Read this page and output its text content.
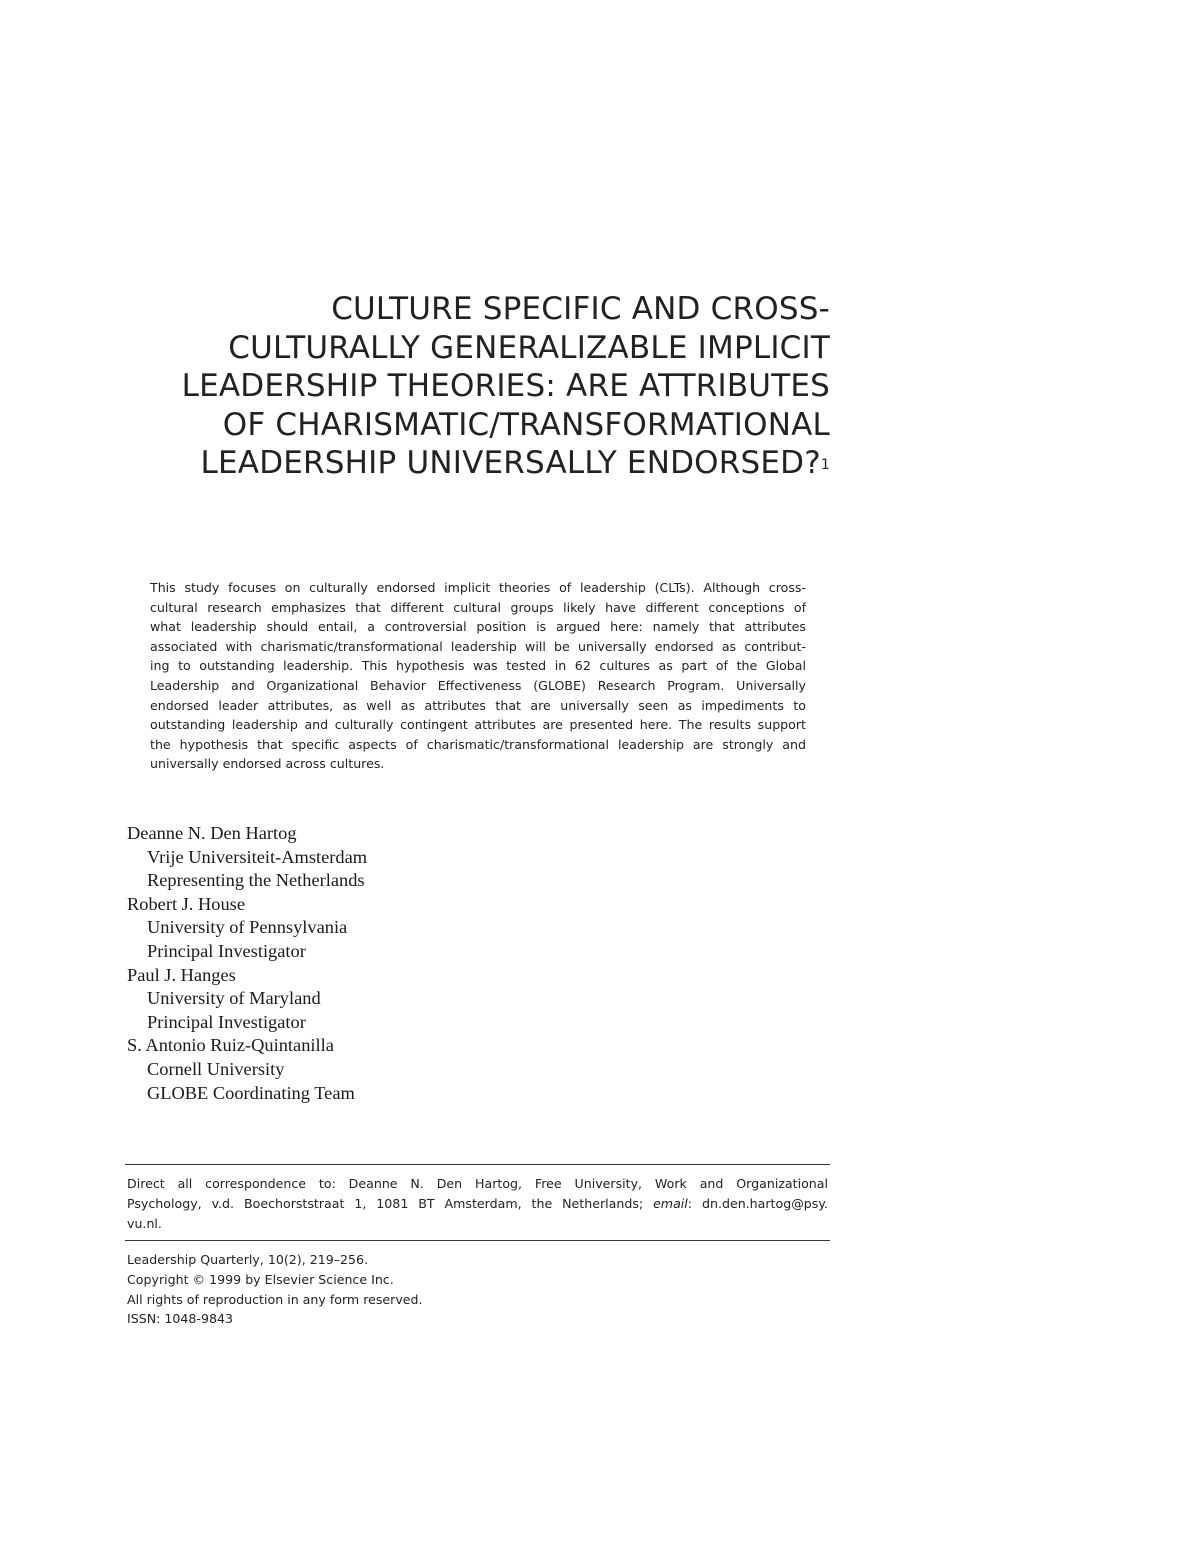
CULTURE SPECIFIC AND CROSS-
CULTURALLY GENERALIZABLE IMPLICIT
LEADERSHIP THEORIES: ARE ATTRIBUTES
OF CHARISMATIC/TRANSFORMATIONAL
LEADERSHIP UNIVERSALLY ENDORSED?$^1$
This study focuses on culturally endorsed implicit theories of leadership (CLTs). Although cross-
cultural research emphasizes that different cultural groups likely have different conceptions of
what leadership should entail, a controversial position is argued here: namely that attributes
associated with charismatic/transformational leadership will be universally endorsed as contribut-
ing to outstanding leadership. This hypothesis was tested in 62 cultures as part of the Global
Leadership and Organizational Behavior Effectiveness (GLOBE) Research Program. Universally
endorsed leader attributes, as well as attributes that are universally seen as impediments to
outstanding leadership and culturally contingent attributes are presented here. The results support
the hypothesis that specific aspects of charismatic/transformational leadership are strongly and
universally endorsed across cultures.
Deanne N. Den Hartog
Vrije Universiteit-Amsterdam
Representing the Netherlands
Robert J. House
University of Pennsylvania
Principal Investigator
Paul J. Hanges
University of Maryland
Principal Investigator
S. Antonio Ruiz-Quintanilla
Cornell University
GLOBE Coordinating Team
Direct all correspondence to: Deanne N. Den Hartog, Free University, Work and Organizational
Psychology, v.d. Boechorststraat 1, 1081 BT Amsterdam, the Netherlands; email: dn.den.hartog@psy.
vu.nl.
Leadership Quarterly, 10(2), 219–256.
Copyright © 1999 by Elsevier Science Inc.
All rights of reproduction in any form reserved.
ISSN: 1048-9843
